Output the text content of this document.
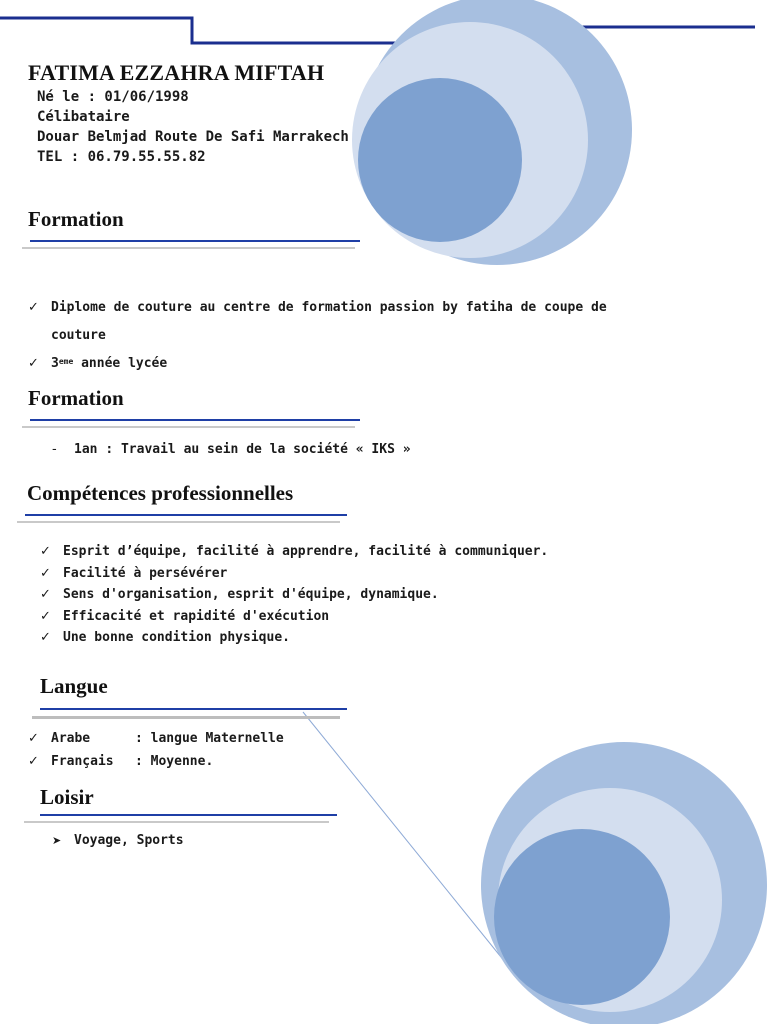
FATIMA EZZAHRA MIFTAH
Né le : 01/06/1998
Célibataire
Douar Belmjad Route De Safi Marrakech
TEL : 06.79.55.55.82
Formation
✓ Diplome de couture au centre de formation passion by fatiha de coupe de
couture
✓ 3eme année lycée
Formation
- 1an : Travail au sein de la société « IKS »
Compétences professionnelles
✓ Esprit d’équipe, facilité à apprendre, facilité à communiquer.
✓ Facilité à persévérer
✓ Sens d'organisation, esprit d'équipe, dynamique.
✓ Efficacité et rapidité d'exécution
✓ Une bonne condition physique.
Langue
✓ Arabe	: langue Maternelle
✓ Français : Moyenne.
Loisir
➤ Voyage, Sports
